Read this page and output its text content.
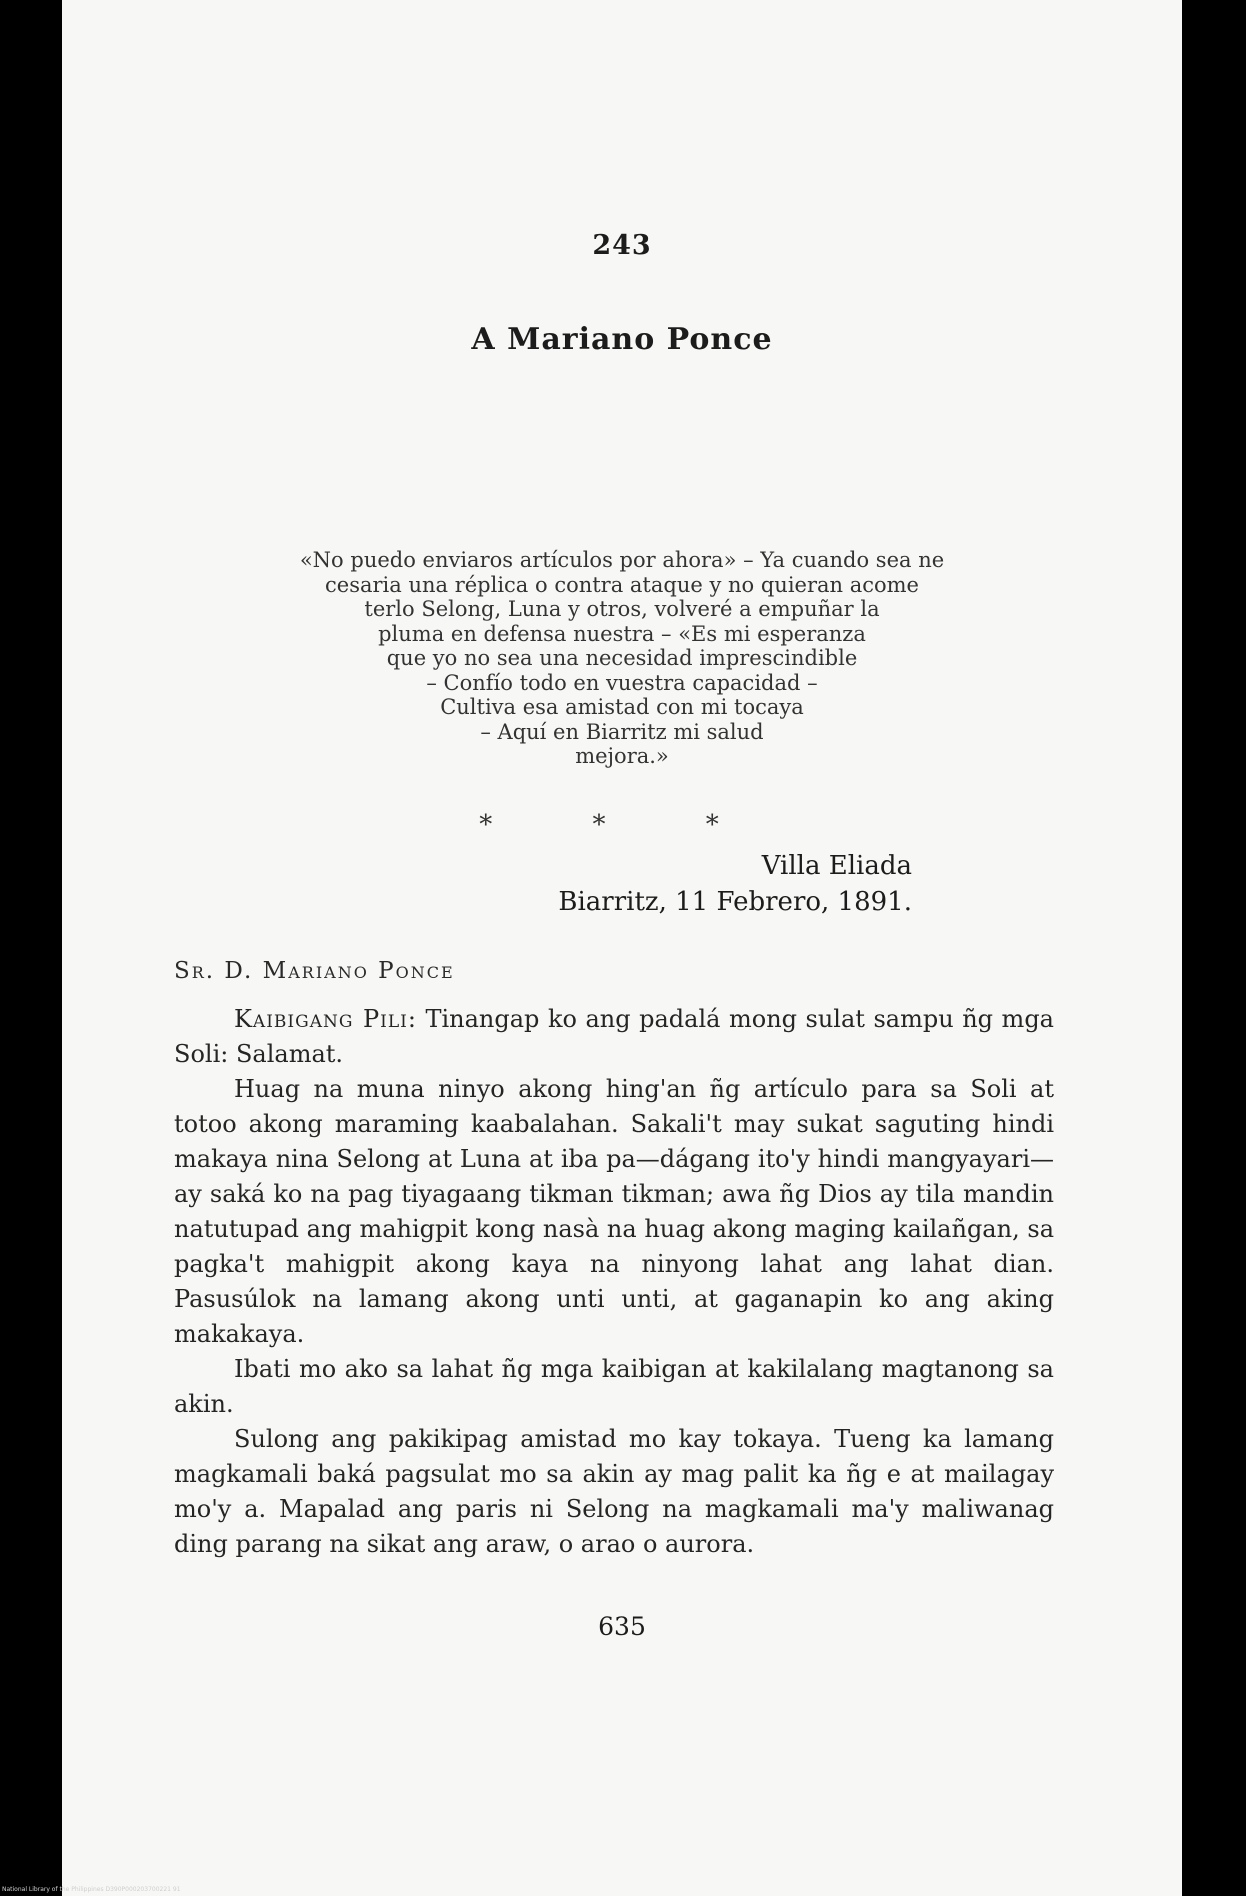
243
A Mariano Ponce
«No puedo enviaros artículos por ahora» – Ya cuando sea ne
cesaria una réplica o contra ataque y no quieran acome
terlo Selong, Luna y otros, volveré a empuñar la
pluma en defensa nuestra – «Es mi esperanza
que yo no sea una necesidad imprescindible
– Confío todo en vuestra capacidad –
Cultiva esa amistad con mi tocaya
– Aquí en Biarritz mi salud
mejora.»
* * *
Villa Eliada
Biarritz, 11 Febrero, 1891.
Sr. D. Mariano Ponce

Kaibigang Pili: Tinangap ko ang padalá mong sulat sampu ñg mga Soli: Salamat.

Huag na muna ninyo akong hing'an ñg artículo para sa Soli at totoo akong maraming kaabalahan. Sakali't may sukat saguting hindi makaya nina Selong at Luna at iba pa—dágang ito'y hindi mangyayari—ay saká ko na pag tiyagaang tikman tikman; awa ñg Dios ay tila mandin natutupad ang mahigpit kong nasà na huag akong maging kailañgan, sa pagka't mahigpit akong kaya na ninyong lahat ang lahat dian. Pasusúlok na lamang akong unti unti, at gaganapin ko ang aking makakaya.

Ibati mo ako sa lahat ñg mga kaibigan at kakilalang magtanong sa akin.

Sulong ang pakikipag amistad mo kay tokaya. Tueng ka lamang magkamali baká pagsulat mo sa akin ay mag palit ka ñg e at mailagay mo'y a. Mapalad ang paris ni Selong na magkamali ma'y maliwanag ding parang na sikat ang araw, o arao o aurora.

635
National Library of the Philippines D390P000203700221 91
